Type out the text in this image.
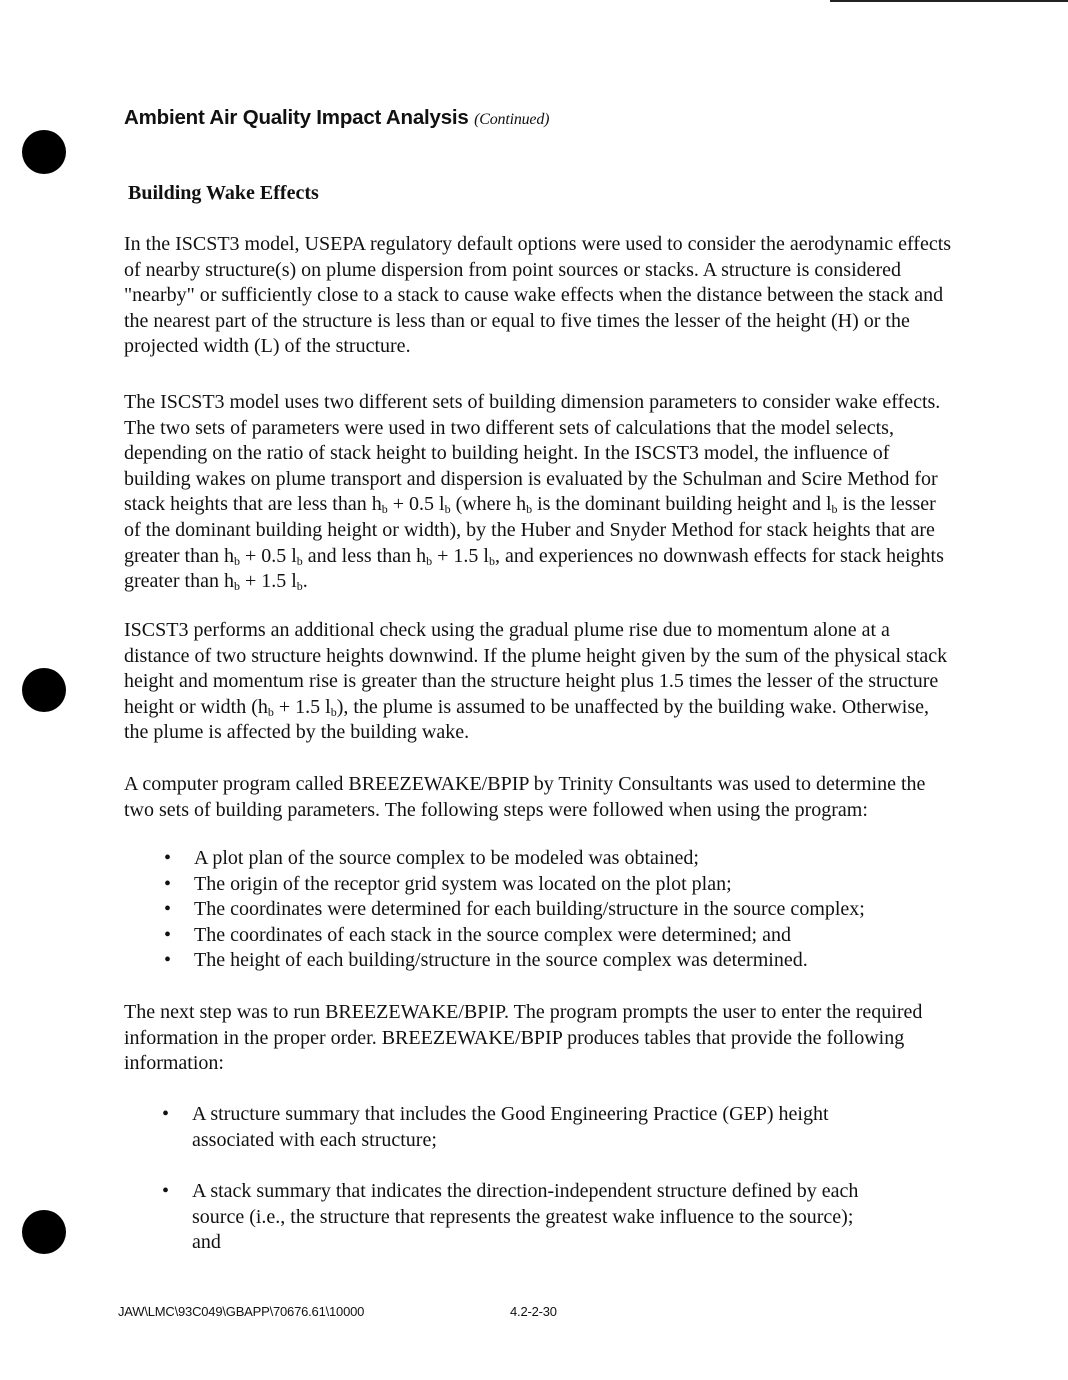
Ambient Air Quality Impact Analysis (Continued)
Building Wake Effects

In the ISCST3 model, USEPA regulatory default options were used to consider the aerodynamic effects of nearby structure(s) on plume dispersion from point sources or stacks. A structure is considered "nearby" or sufficiently close to a stack to cause wake effects when the distance between the stack and the nearest part of the structure is less than or equal to five times the lesser of the height (H) or the projected width (L) of the structure.

The ISCST3 model uses two different sets of building dimension parameters to consider wake effects. The two sets of parameters were used in two different sets of calculations that the model selects, depending on the ratio of stack height to building height. In the ISCST3 model, the influence of building wakes on plume transport and dispersion is evaluated by the Schulman and Scire Method for stack heights that are less than $h_b + 0.5$ $l_b$ (where $h_b$ is the dominant building height and $l_b$ is the lesser of the dominant building height or width), by the Huber and Snyder Method for stack heights that are greater than $h_b + 0.5$ $l_b$ and less than $h_b + 1.5$ $l_b$, and experiences no downwash effects for stack heights greater than $h_b + 1.5$ $l_b$.

ISCST3 performs an additional check using the gradual plume rise due to momentum alone at a distance of two structure heights downwind. If the plume height given by the sum of the physical stack height and momentum rise is greater than the structure height plus 1.5 times the lesser of the structure height or width ($h_b + 1.5$ $l_b$), the plume is assumed to be unaffected by the building wake. Otherwise, the plume is affected by the building wake.

A computer program called BREEZEWAKE/BPIP by Trinity Consultants was used to determine the two sets of building parameters. The following steps were followed when using the program:

• A plot plan of the source complex to be modeled was obtained;
• The origin of the receptor grid system was located on the plot plan;
• The coordinates were determined for each building/structure in the source complex;
• The coordinates of each stack in the source complex were determined; and
• The height of each building/structure in the source complex was determined.

The next step was to run BREEZEWAKE/BPIP. The program prompts the user to enter the required information in the proper order. BREEZEWAKE/BPIP produces tables that provide the following information:

• A structure summary that includes the Good Engineering Practice (GEP) height associated with each structure;
• A stack summary that indicates the direction-independent structure defined by each source (i.e., the structure that represents the greatest wake influence to the source); and
JAW\LMC\93C049\GBAPP\70676.61\10000	4.2-2-30
